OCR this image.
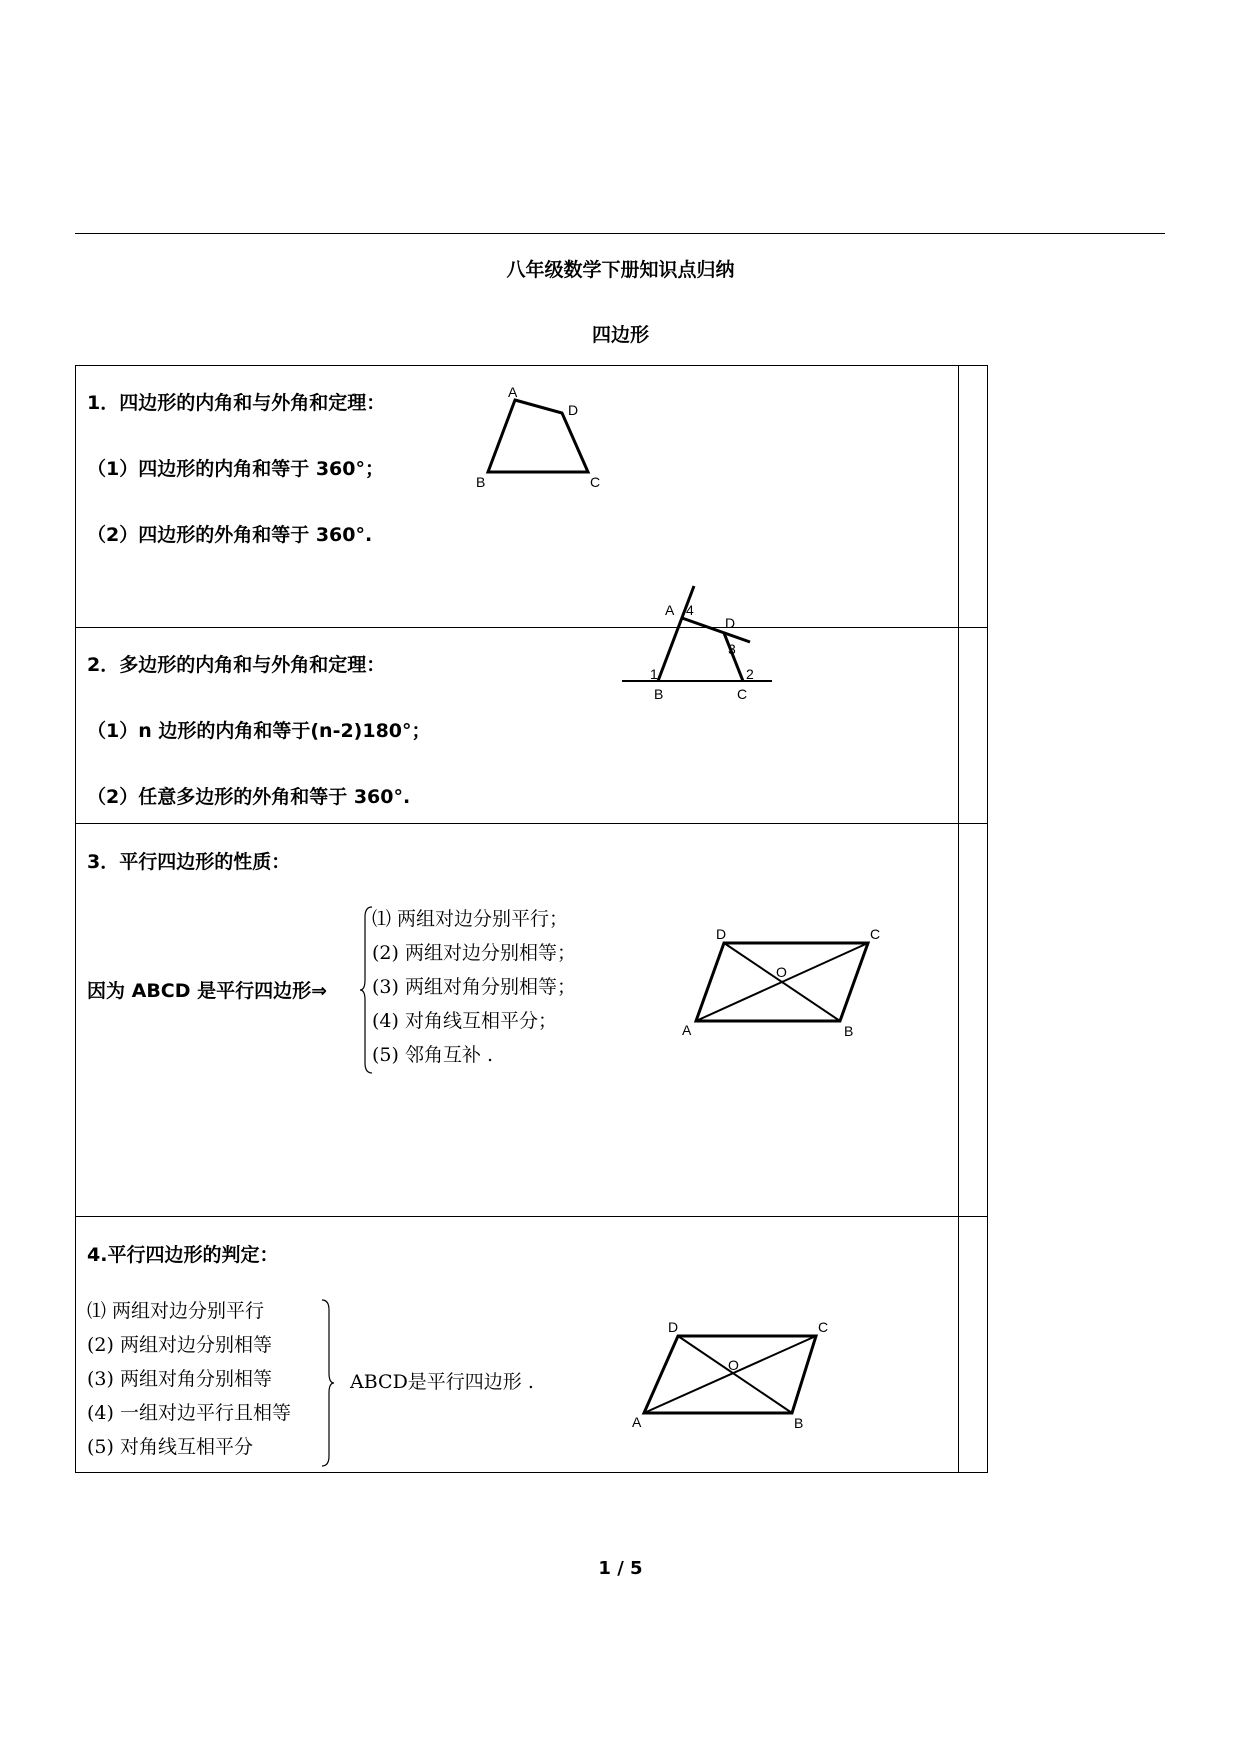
八年级数学下册知识点归纳
四边形
1．四边形的内角和与外角和定理：
（1）四边形的内角和等于 360°；
（2）四边形的外角和等于 360°.
A
D
B	C
2．多边形的内角和与外角和定理：
（1）n 边形的内角和等于(n-2)180°；
（2）任意多边形的外角和等于 360°.
A 4
D
3
1	2
B	C
3．平行四边形的性质：
因为 ABCD 是平行四边形⇒
⑴ 两组对边分别平行；
(2) 两组对边分别相等；
(3) 两组对角分别相等；
(4) 对角线互相平分；
(5) 邻角互补 .
D	C
O
A	B
4.平行四边形的判定：
⑴ 两组对边分别平行
(2) 两组对边分别相等
(3) 两组对角分别相等
(4) 一组对边平行且相等
(5) 对角线互相平分
ABCD是平行四边形 .
D	C
O
A	B
1 / 5
